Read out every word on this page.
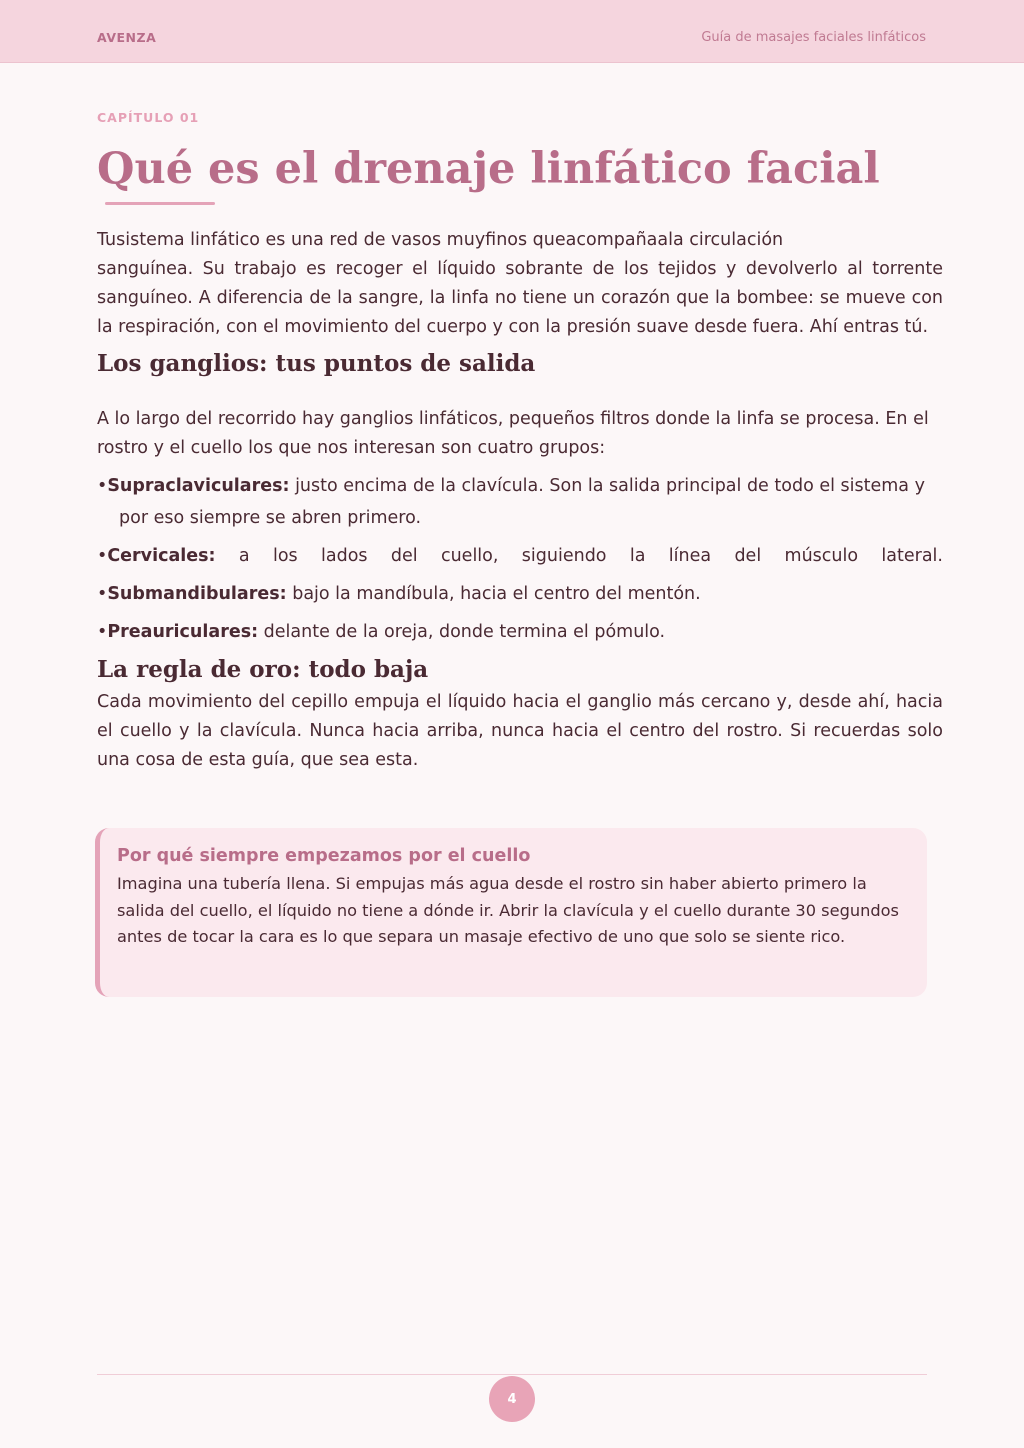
AVENZA	Guía de masajes faciales linfáticos
CAPÍTULO 01
Qué es el drenaje linfático facial

Tusistema linfático es una red de vasos muyfinos queacompañaala circulación
sanguínea. Su trabajo es recoger el líquido sobrante de los tejidos y devolverlo al torrente sanguíneo. A diferencia de la sangre, la linfa no tiene un corazón que la bombee: se mueve con la respiración, con el movimiento del cuerpo y con la presión suave desde fuera. Ahí entras tú.

Los ganglios: tus puntos de salida

A lo largo del recorrido hay ganglios linfáticos, pequeños filtros donde la linfa se procesa. En el rostro y el cuello los que nos interesan son cuatro grupos:

•Supraclaviculares: justo encima de la clavícula. Son la salida principal de todo el sistema y por eso siempre se abren primero.
•Cervicales: a los lados del cuello, siguiendo la línea del músculo lateral.
•Submandibulares: bajo la mandíbula, hacia el centro del mentón.
•Preauriculares: delante de la oreja, donde termina el pómulo.
La regla de oro: todo baja

Cada movimiento del cepillo empuja el líquido hacia el ganglio más cercano y, desde ahí, hacia el cuello y la clavícula. Nunca hacia arriba, nunca hacia el centro del rostro. Si recuerdas solo una cosa de esta guía, que sea esta.

Por qué siempre empezamos por el cuello
Imagina una tubería llena. Si empujas más agua desde el rostro sin haber abierto primero la salida del cuello, el líquido no tiene a dónde ir. Abrir la clavícula y el cuello durante 30 segundos antes de tocar la cara es lo que separa un masaje efectivo de uno que solo se siente rico.
4
